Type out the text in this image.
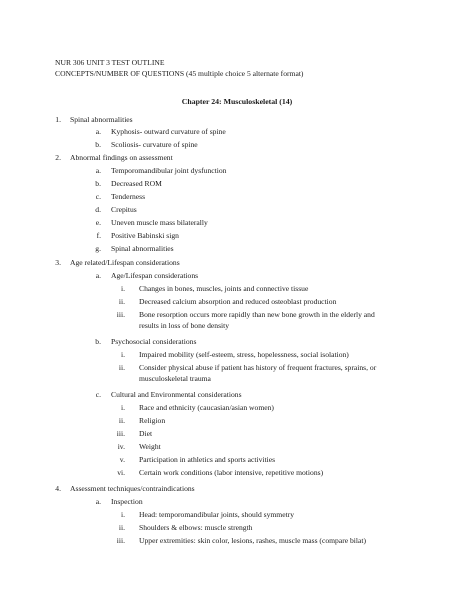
NUR 306 UNIT 3 TEST OUTLINE
CONCEPTS/NUMBER OF QUESTIONS (45 multiple choice 5 alternate format)
Chapter 24: Musculoskeletal (14)
1. Spinal abnormalities
a. Kyphosis- outward curvature of spine
b. Scoliosis- curvature of spine
2. Abnormal findings on assessment
a. Temporomandibular joint dysfunction
b. Decreased ROM
c. Tenderness
d. Crepitus
e. Uneven muscle mass bilaterally
f. Positive Babinski sign
g. Spinal abnormalities
3. Age related/Lifespan considerations
a. Age/Lifespan considerations
i. Changes in bones, muscles, joints and connective tissue
ii. Decreased calcium absorption and reduced osteoblast production
iii. Bone resorption occurs more rapidly than new bone growth in the elderly and
results in loss of bone density
b. Psychosocial considerations
i. Impaired mobility (self-esteem, stress, hopelessness, social isolation)
ii. Consider physical abuse if patient has history of frequent fractures, sprains, or
musculoskeletal trauma
c. Cultural and Environmental considerations
i. Race and ethnicity (caucasian/asian women)
ii. Religion
iii. Diet
iv. Weight
v. Participation in athletics and sports activities
vi. Certain work conditions (labor intensive, repetitive motions)
4. Assessment techniques/contraindications
a. Inspection
i. Head: temporomandibular joints, should symmetry
ii. Shoulders & elbows: muscle strength
iii. Upper extremities: skin color, lesions, rashes, muscle mass (compare bilat)
